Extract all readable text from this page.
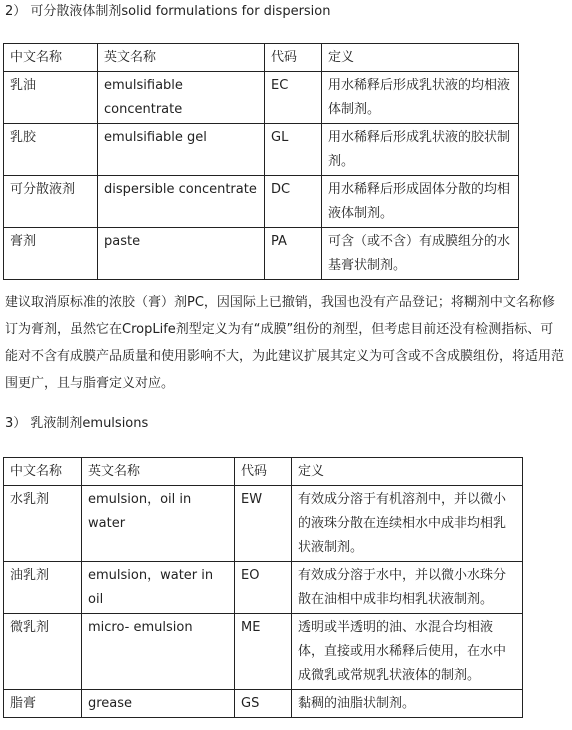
2） 可分散液体制剂solid formulations for dispersion
中文名称	英文名称	代码	定义
乳油	emulsifiable concentrate	EC	用水稀释后形成乳状液的均相液体制剂。
乳胶	emulsifiable gel	GL	用水稀释后形成乳状液的胶状制剂。
可分散液剂	dispersible concentrate	DC	用水稀释后形成固体分散的均相液体制剂。
膏剂	paste	PA	可含（或不含）有成膜组分的水基膏状制剂。
建议取消原标准的浓胶（膏）剂PC，因国际上已撤销，我国也没有产品登记；将糊剂中文名称修订为膏剂，虽然它在CropLife剂型定义为有“成膜”组份的剂型，但考虑目前还没有检测指标、可能对不含有成膜产品质量和使用影响不大，为此建议扩展其定义为可含或不含成膜组份，将适用范围更广，且与脂膏定义对应。
3） 乳液制剂emulsions
中文名称	英文名称	代码	定义
水乳剂	emulsion，oil in water	EW	有效成分溶于有机溶剂中，并以微小的液珠分散在连续相水中成非均相乳状液制剂。
油乳剂	emulsion，water in oil	EO	有效成分溶于水中，并以微小水珠分散在油相中成非均相乳状液制剂。
微乳剂	micro- emulsion	ME	透明或半透明的油、水混合均相液体，直接或用水稀释后使用，在水中成微乳或常规乳状液体的制剂。
脂膏	grease	GS	黏稠的油脂状制剂。
